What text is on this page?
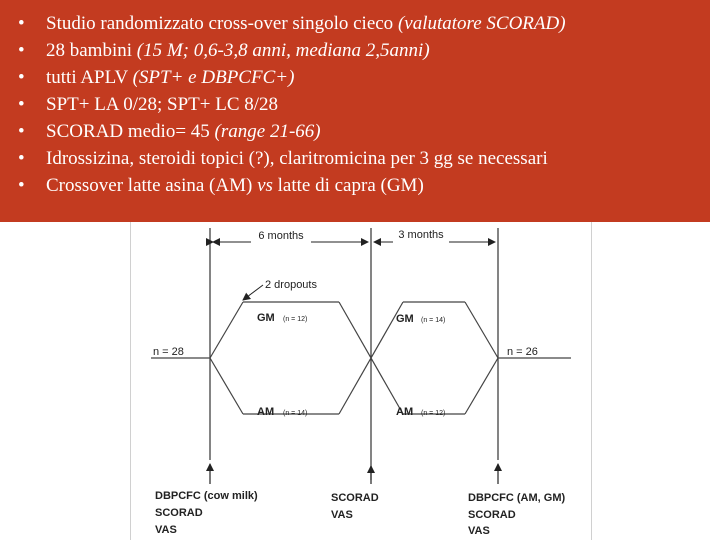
• Studio randomizzato cross-over singolo cieco (valutatore SCORAD)
• 28 bambini (15 M; 0,6-3,8 anni, mediana 2,5anni)
• tutti APLV (SPT+ e DBPCFC+)
• SPT+ LA 0/28; SPT+ LC 8/28
• SCORAD medio= 45 (range 21-66)
• Idrossizina, steroidi topici (?), claritromicina per 3 gg se necessari
• Crossover latte asina (AM) vs latte di capra (GM)
6 months	3 months
2 dropouts
n = 28	n = 26
GM (n = 12)
AM (n = 14)
GM (n = 14)
AM (n = 12)
DBPCFC (cow milk)
SCORAD
VAS
SCORAD
VAS
DBPCFC (AM, GM)
SCORAD
VAS
